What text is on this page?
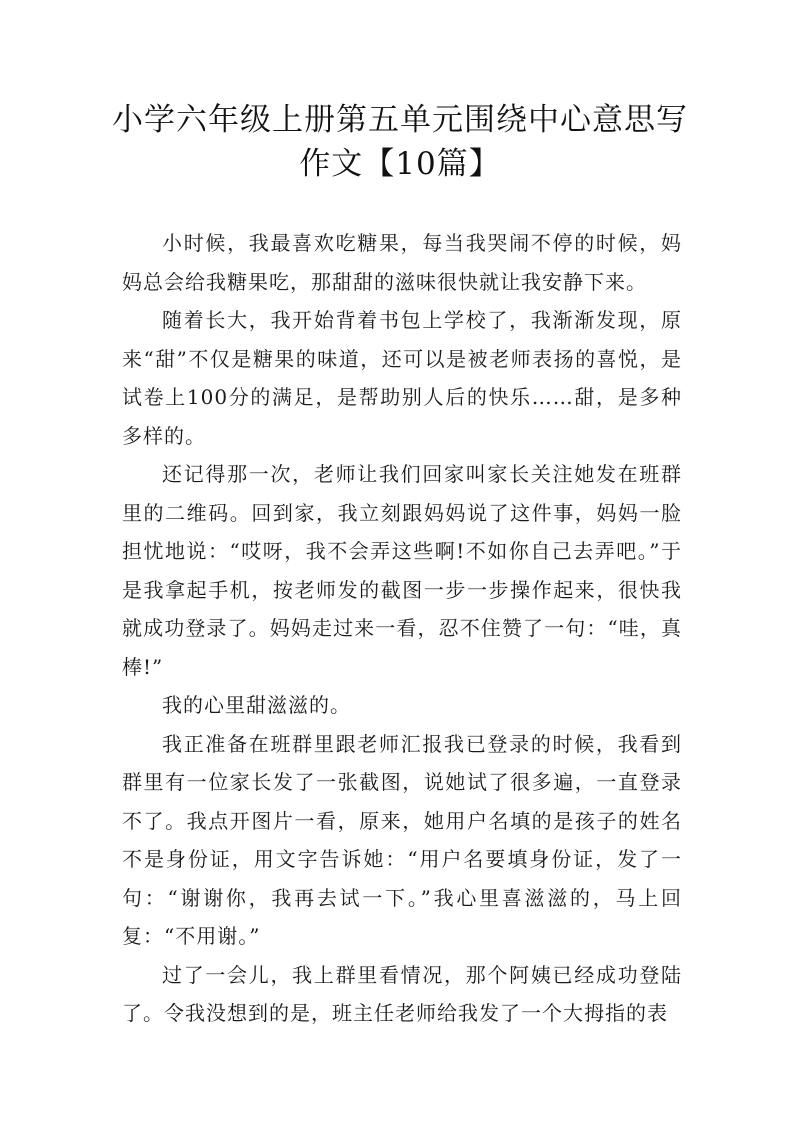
小学六年级上册第五单元围绕中心意思写
作文【10篇】

小时候，我最喜欢吃糖果，每当我哭闹不停的时候，妈妈总会给我糖果吃，那甜甜的滋味很快就让我安静下来。

随着长大，我开始背着书包上学校了，我渐渐发现，原来“甜”不仅是糖果的味道，还可以是被老师表扬的喜悦，是试卷上100分的满足，是帮助别人后的快乐……甜，是多种多样的。

还记得那一次，老师让我们回家叫家长关注她发在班群里的二维码。回到家，我立刻跟妈妈说了这件事，妈妈一脸担忧地说：“哎呀，我不会弄这些啊!不如你自己去弄吧。”于是我拿起手机，按老师发的截图一步一步操作起来，很快我就成功登录了。妈妈走过来一看，忍不住赞了一句：“哇，真棒!”

我的心里甜滋滋的。

我正准备在班群里跟老师汇报我已登录的时候，我看到群里有一位家长发了一张截图，说她试了很多遍，一直登录不了。我点开图片一看，原来，她用户名填的是孩子的姓名不是身份证，用文字告诉她：“用户名要填身份证，发了一句：“谢谢你，我再去试一下。”我心里喜滋滋的，马上回复：“不用谢。”

过了一会儿，我上群里看情况，那个阿姨已经成功登陆了。令我没想到的是，班主任老师给我发了一个大拇指的表
